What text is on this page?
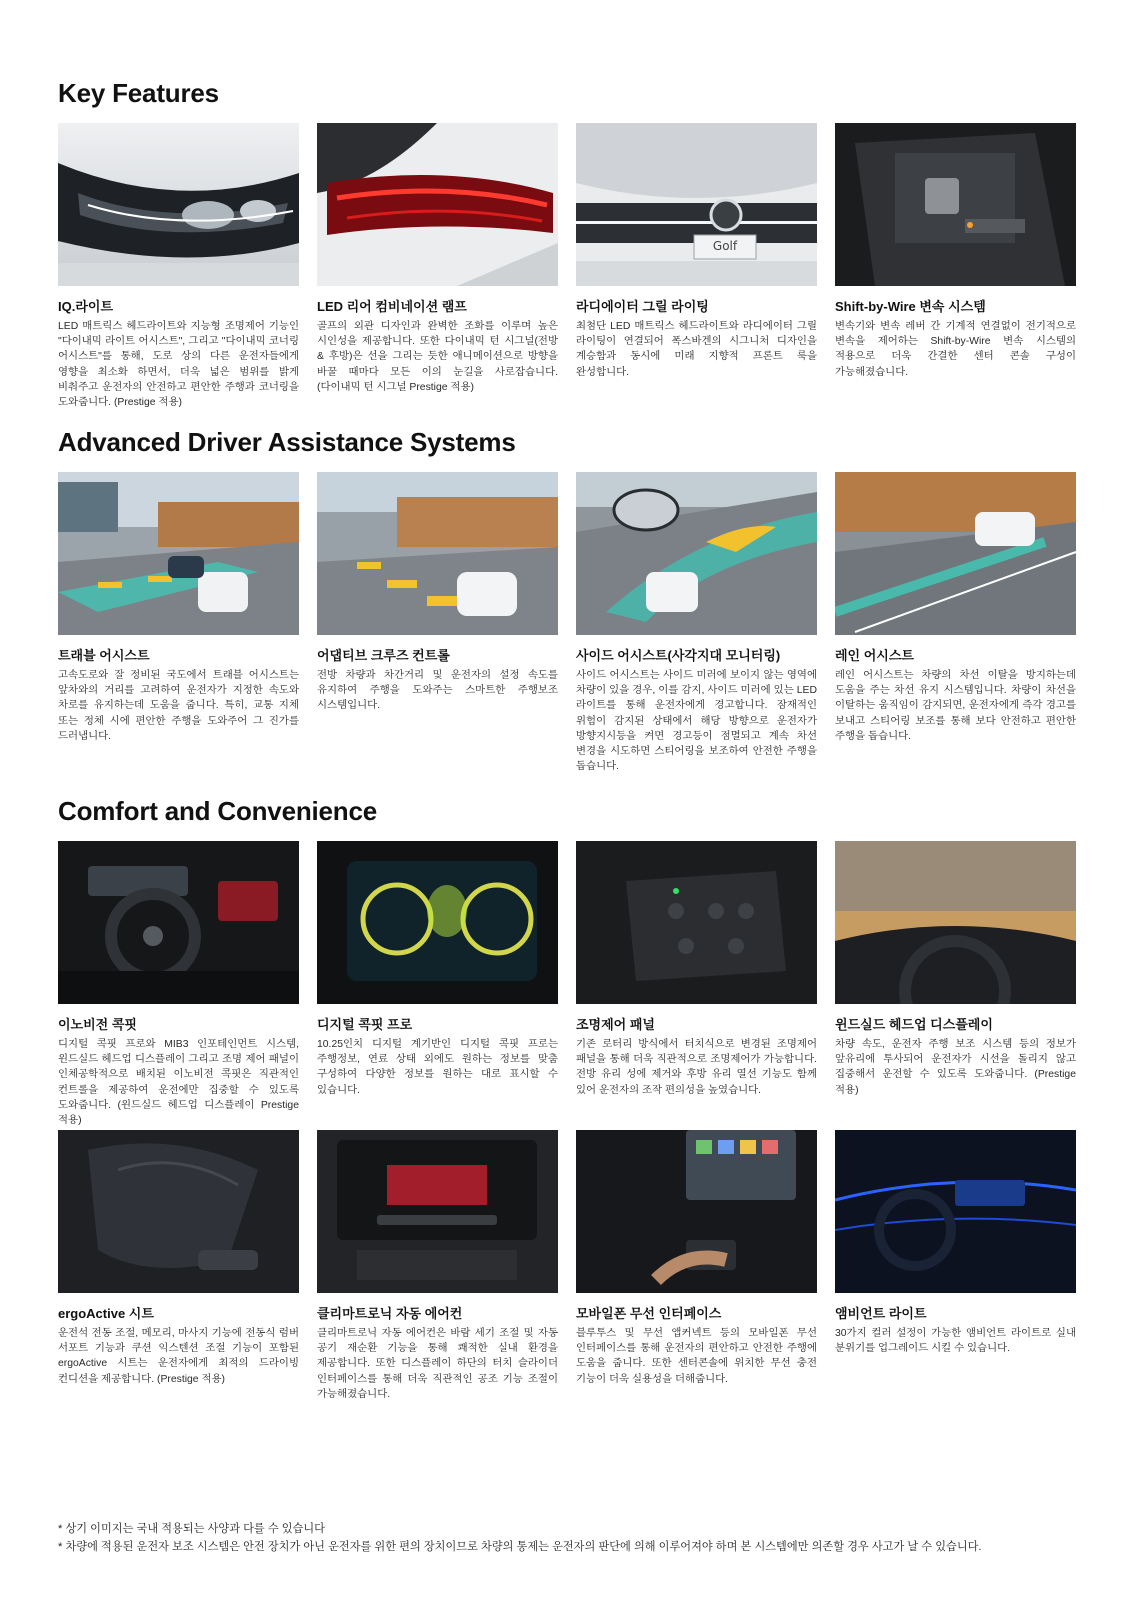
Key Features

IQ.라이트

LED 매트릭스 헤드라이트와 지능형 조명제어 기능인 "다이내믹 라이트 어시스트", 그리고 "다이내믹 코너링 어시스트"를 통해, 도로 상의 다른 운전자들에게 영향을 최소화 하면서, 더욱 넓은 범위를 밝게 비춰주고 운전자의 안전하고 편안한 주행과 코너링을 도와줍니다. (Prestige 적용)

LED 리어 컴비네이션 램프

골프의 외관 디자인과 완벽한 조화를 이루며 높은 시인성을 제공합니다. 또한 다이내믹 턴 시그널(전방 & 후방)은 선을 그리는 듯한 애니메이션으로 방향을 바꿀 때마다 모든 이의 눈길을 사로잡습니다. (다이내믹 턴 시그널 Prestige 적용)

Golf

라디에이터 그릴 라이팅

최첨단 LED 매트릭스 헤드라이트와 라디에이터 그릴 라이팅이 연결되어 폭스바겐의 시그니처 디자인을 계승함과 동시에 미래 지향적 프론트 룩을 완성합니다.

Shift-by-Wire 변속 시스템

변속기와 변속 레버 간 기계적 연결없이 전기적으로 변속을 제어하는 Shift-by-Wire 변속 시스템의 적용으로 더욱 간결한 센터 콘솔 구성이 가능해졌습니다.

Advanced Driver Assistance Systems

트래블 어시스트

고속도로와 잘 정비된 국도에서 트래블 어시스트는 앞차와의 거리를 고려하여 운전자가 지정한 속도와 차로를 유지하는데 도움을 줍니다. 특히, 교통 지체 또는 정체 시에 편안한 주행을 도와주어 그 진가를 드러냅니다.

어댑티브 크루즈 컨트롤

전방 차량과 차간거리 및 운전자의 설정 속도를 유지하여 주행을 도와주는 스마트한 주행보조 시스템입니다.

사이드 어시스트(사각지대 모니터링)

사이드 어시스트는 사이드 미러에 보이지 않는 영역에 차량이 있을 경우, 이를 감지, 사이드 미러에 있는 LED 라이트를 통해 운전자에게 경고합니다. 잠재적인 위험이 감지된 상태에서 해당 방향으로 운전자가 방향지시등을 켜면 경고등이 점멸되고 계속 차선 변경을 시도하면 스티어링을 보조하여 안전한 주행을 돕습니다.

레인 어시스트

레인 어시스트는 차량의 차선 이탈을 방지하는데 도움을 주는 차선 유지 시스템입니다. 차량이 차선을 이탈하는 움직임이 감지되면, 운전자에게 즉각 경고를 보내고 스티어링 보조를 통해 보다 안전하고 편안한 주행을 돕습니다.

Comfort and Convenience

이노비전 콕핏

디지털 콕핏 프로와 MIB3 인포테인먼트 시스템, 윈드실드 헤드업 디스플레이 그리고 조명 제어 패널이 인체공학적으로 배치된 이노비전 콕핏은 직관적인 컨트롤을 제공하여 운전에만 집중할 수 있도록 도와줍니다. (윈드실드 헤드업 디스플레이 Prestige 적용)

디지털 콕핏 프로

10.25인치 디지털 계기반인 디지털 콕핏 프로는 주행정보, 연료 상태 외에도 원하는 정보를 맞춤 구성하여 다양한 정보를 원하는 대로 표시할 수 있습니다.

조명제어 패널

기존 로터리 방식에서 터치식으로 변경된 조명제어 패널을 통해 더욱 직관적으로 조명제어가 가능합니다. 전방 유리 성에 제거와 후방 유리 열선 기능도 함께 있어 운전자의 조작 편의성을 높였습니다.

윈드실드 헤드업 디스플레이

차량 속도, 운전자 주행 보조 시스템 등의 정보가 앞유리에 투사되어 운전자가 시선을 돌리지 않고 집중해서 운전할 수 있도록 도와줍니다. (Prestige 적용)

ergoActive 시트

운전석 전동 조절, 메모리, 마사지 기능에 전동식 럼버 서포트 기능과 쿠션 익스텐션 조절 기능이 포함된 ergoActive 시트는 운전자에게 최적의 드라이빙 컨디션을 제공합니다. (Prestige 적용)

클리마트로닉 자동 에어컨

클리마트로닉 자동 에어컨은 바람 세기 조절 및 자동 공기 재순환 기능을 통해 쾌적한 실내 환경을 제공합니다. 또한 디스플레이 하단의 터치 슬라이더 인터페이스를 통해 더욱 직관적인 공조 기능 조절이 가능해졌습니다.

모바일폰 무선 인터페이스

블루투스 및 무선 앱커넥트 등의 모바일폰 무선 인터페이스를 통해 운전자의 편안하고 안전한 주행에 도움을 줍니다. 또한 센터콘솔에 위치한 무선 충전 기능이 더욱 실용성을 더해줍니다.

앰비언트 라이트

30가지 컬러 설정이 가능한 앰비언트 라이트로 실내 분위기를 업그레이드 시킬 수 있습니다.

* 상기 이미지는 국내 적용되는 사양과 다를 수 있습니다
* 차량에 적용된 운전자 보조 시스템은 안전 장치가 아닌 운전자를 위한 편의 장치이므로 차량의 통제는 운전자의 판단에 의해 이루어져야 하며 본 시스템에만 의존할 경우 사고가 날 수 있습니다.
